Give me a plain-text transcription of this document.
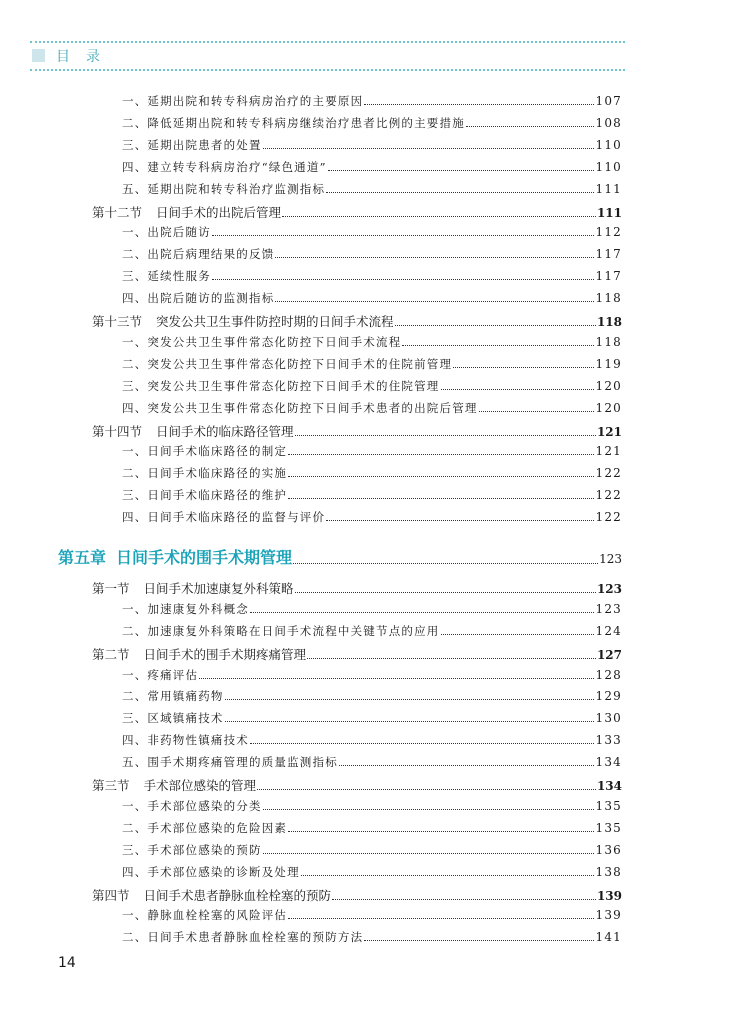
目录
一、延期出院和转专科病房治疗的主要原因	107
二、降低延期出院和转专科病房继续治疗患者比例的主要措施	108
三、延期出院患者的处置	110
四、建立转专科病房治疗“绿色通道”	110
五、延期出院和转专科治疗监测指标	111
第十二节 日间手术的出院后管理	111
一、出院后随访	112
二、出院后病理结果的反馈	117
三、延续性服务	117
四、出院后随访的监测指标	118
第十三节 突发公共卫生事件防控时期的日间手术流程	118
一、突发公共卫生事件常态化防控下日间手术流程	118
二、突发公共卫生事件常态化防控下日间手术的住院前管理	119
三、突发公共卫生事件常态化防控下日间手术的住院管理	120
四、突发公共卫生事件常态化防控下日间手术患者的出院后管理	120
第十四节 日间手术的临床路径管理	121
一、日间手术临床路径的制定	121
二、日间手术临床路径的实施	122
三、日间手术临床路径的维护	122
四、日间手术临床路径的监督与评价	122
第五章 日间手术的围手术期管理	123
第一节 日间手术加速康复外科策略	123
一、加速康复外科概念	123
二、加速康复外科策略在日间手术流程中关键节点的应用	124
第二节 日间手术的围手术期疼痛管理	127
一、疼痛评估	128
二、常用镇痛药物	129
三、区域镇痛技术	130
四、非药物性镇痛技术	133
五、围手术期疼痛管理的质量监测指标	134
第三节 手术部位感染的管理	134
一、手术部位感染的分类	135
二、手术部位感染的危险因素	135
三、手术部位感染的预防	136
四、手术部位感染的诊断及处理	138
第四节 日间手术患者静脉血栓栓塞的预防	139
一、静脉血栓栓塞的风险评估	139
二、日间手术患者静脉血栓栓塞的预防方法	141
14
